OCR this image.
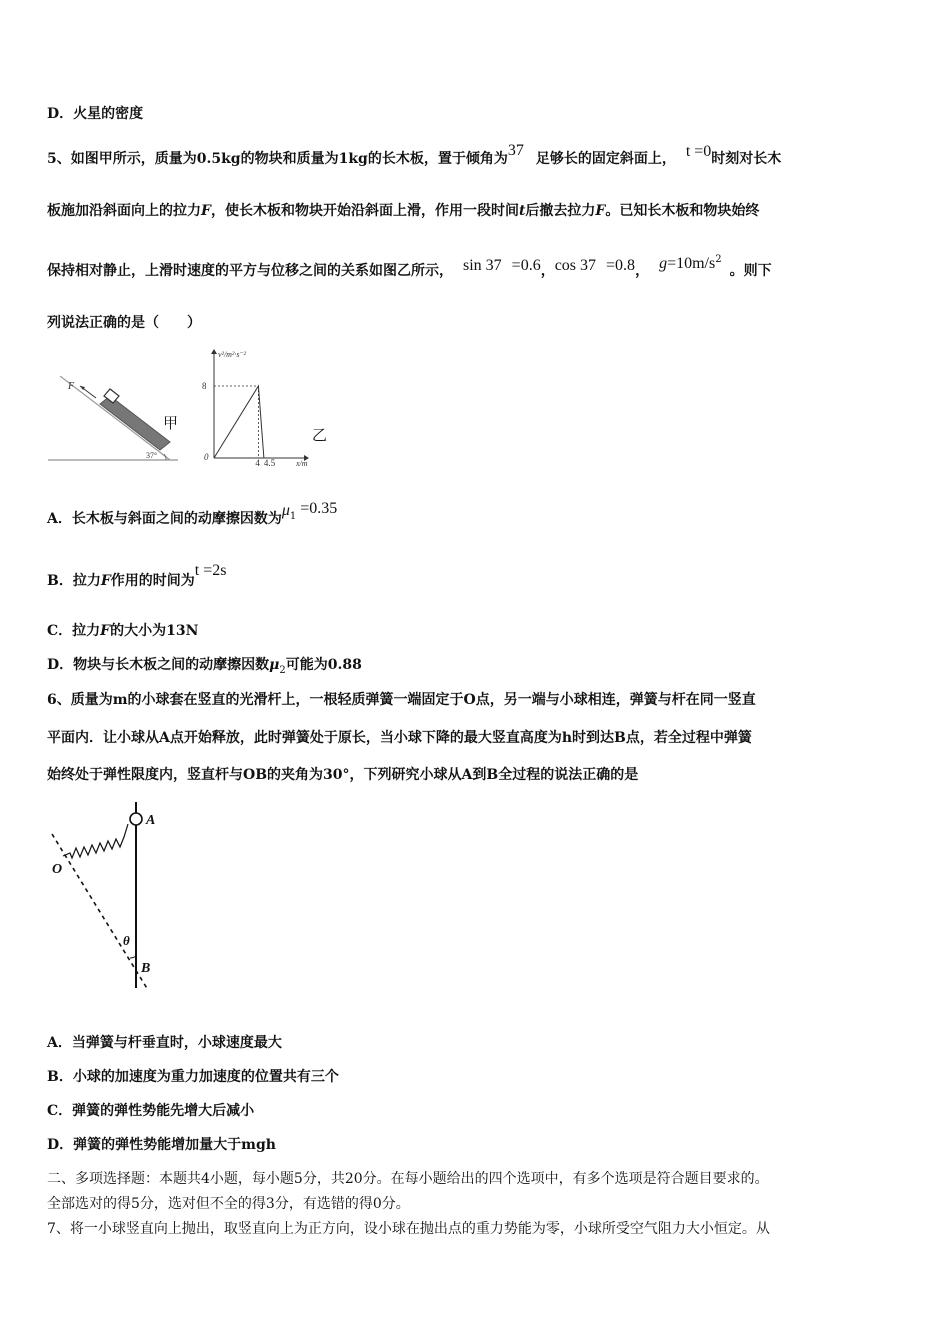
D．火星的密度
5、如图甲所示，质量为0.5kg的物块和质量为1kg的长木板，置于倾角为37 足够长的固定斜面上， t =0时刻对长木
板施加沿斜面向上的拉力F，使长木板和物块开始沿斜面上滑，作用一段时间t后撤去拉力F。已知长木板和物块始终
保持相对静止，上滑时速度的平方与位移之间的关系如图乙所示， sin 37 =0.6，cos 37 =0.8， $g=10m/s^2$。则下
列说法正确的是（　　）
F
37°
甲
v²/m²·s⁻²
x/m
0
8
4 4.5
乙
A．长木板与斜面之间的动摩擦因数为$\mu_1 =0.35$
B．拉力F作用的时间为t =2s
C．拉力F的大小为13N
D．物块与长木板之间的动摩擦因数$\mu_2$可能为0.88
6、质量为m的小球套在竖直的光滑杆上，一根轻质弹簧一端固定于O点，另一端与小球相连，弹簧与杆在同一竖直
平面内．让小球从A点开始释放，此时弹簧处于原长，当小球下降的最大竖直高度为h时到达B点，若全过程中弹簧
始终处于弹性限度内，竖直杆与OB的夹角为30°，下列研究小球从A到B全过程的说法正确的是
A
O
θ
B
A．当弹簧与杆垂直时，小球速度最大
B．小球的加速度为重力加速度的位置共有三个
C．弹簧的弹性势能先增大后减小
D．弹簧的弹性势能增加量大于mgh
二、多项选择题：本题共4小题，每小题5分，共20分。在每小题给出的四个选项中，有多个选项是符合题目要求的。
全部选对的得5分，选对但不全的得3分，有选错的得0分。
7、将一小球竖直向上抛出，取竖直向上为正方向，设小球在抛出点的重力势能为零，小球所受空气阻力大小恒定。从
